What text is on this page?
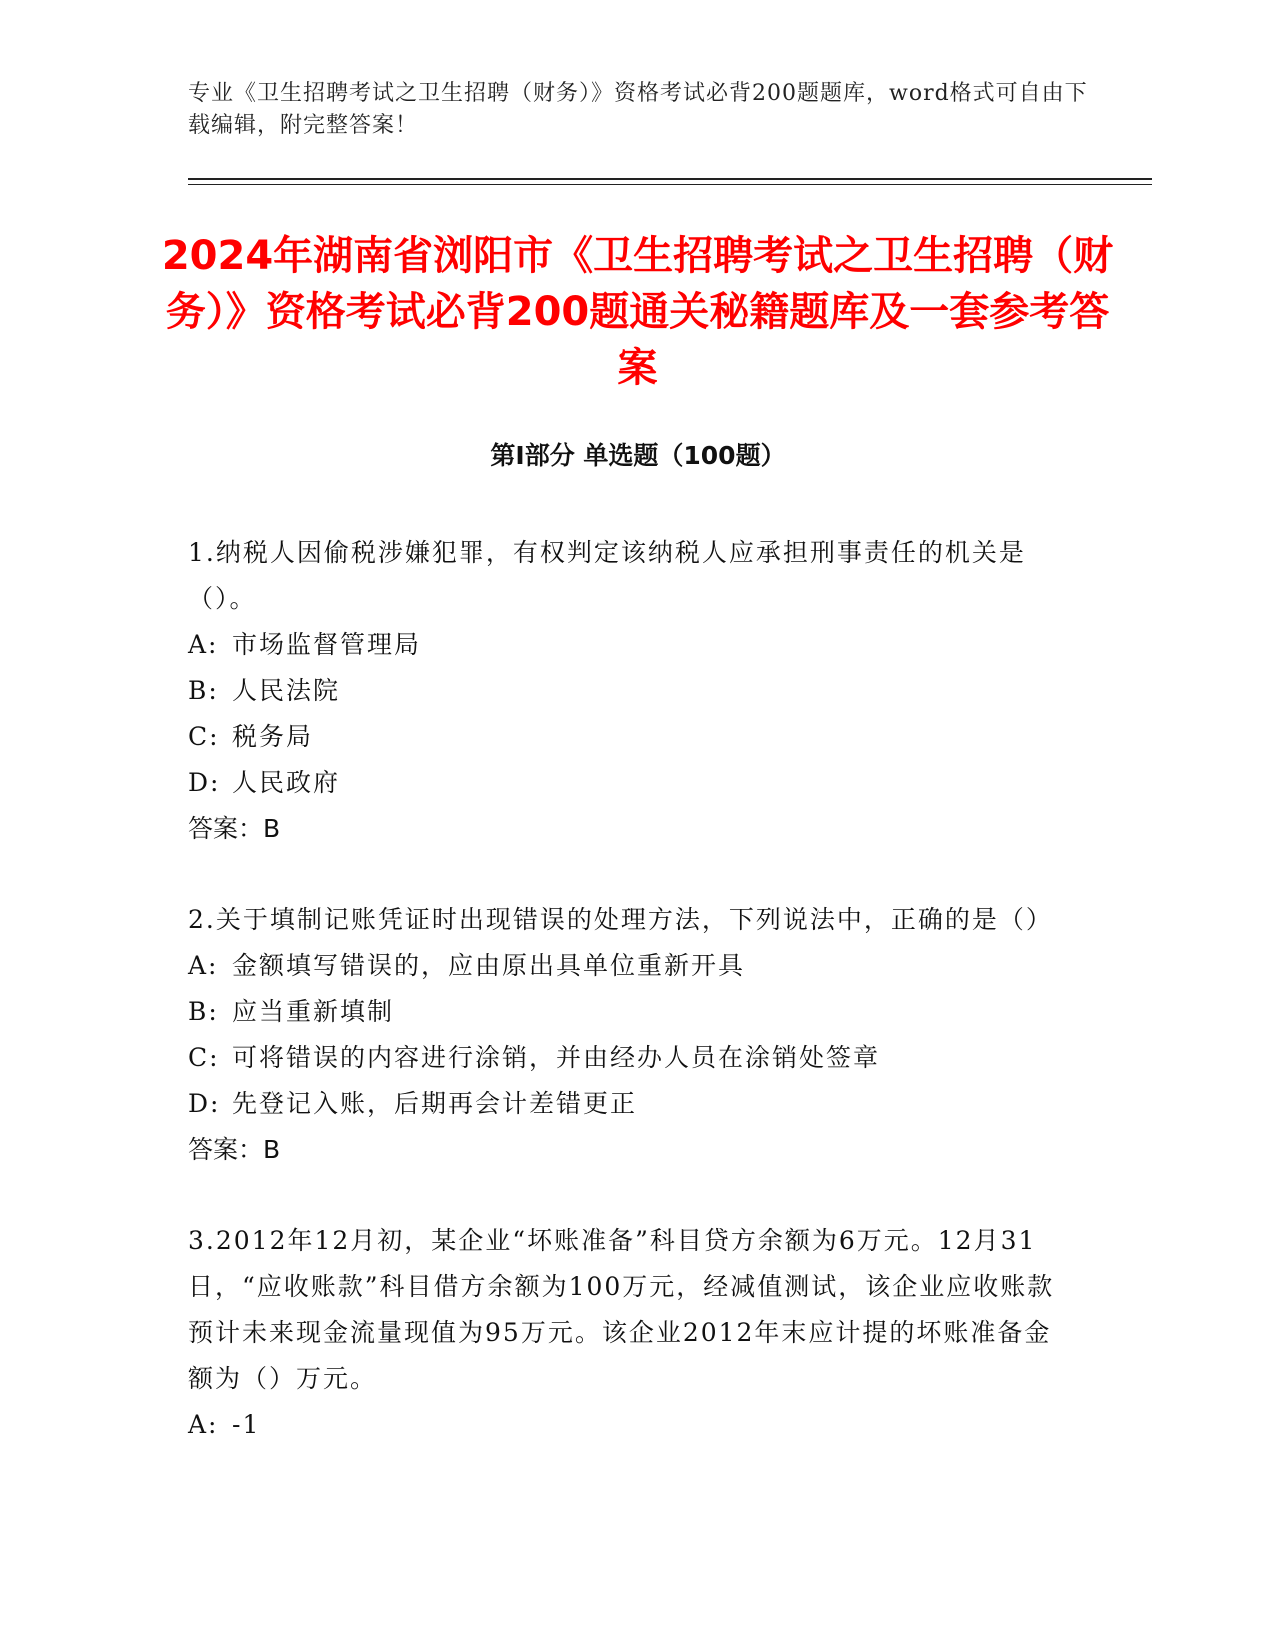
专业《卫生招聘考试之卫生招聘（财务）》资格考试必背200题题库，word格式可自由下载编辑，附完整答案！
2024年湖南省浏阳市《卫生招聘考试之卫生招聘（财务）》资格考试必背200题通关秘籍题库及一套参考答案
第Ⅰ部分 单选题（100题）

1.纳税人因偷税涉嫌犯罪，有权判定该纳税人应承担刑事责任的机关是（）。

A: 市场监督管理局

B: 人民法院

C: 税务局

D: 人民政府

答案：B

2.关于填制记账凭证时出现错误的处理方法，下列说法中，正确的是（）

A: 金额填写错误的，应由原出具单位重新开具

B: 应当重新填制

C: 可将错误的内容进行涂销，并由经办人员在涂销处签章

D: 先登记入账，后期再会计差错更正

答案：B

3.2012年12月初，某企业“坏账准备”科目贷方余额为6万元。12月31日，“应收账款”科目借方余额为100万元，经减值测试，该企业应收账款预计未来现金流量现值为95万元。该企业2012年末应计提的坏账准备金额为（）万元。

A: -1
